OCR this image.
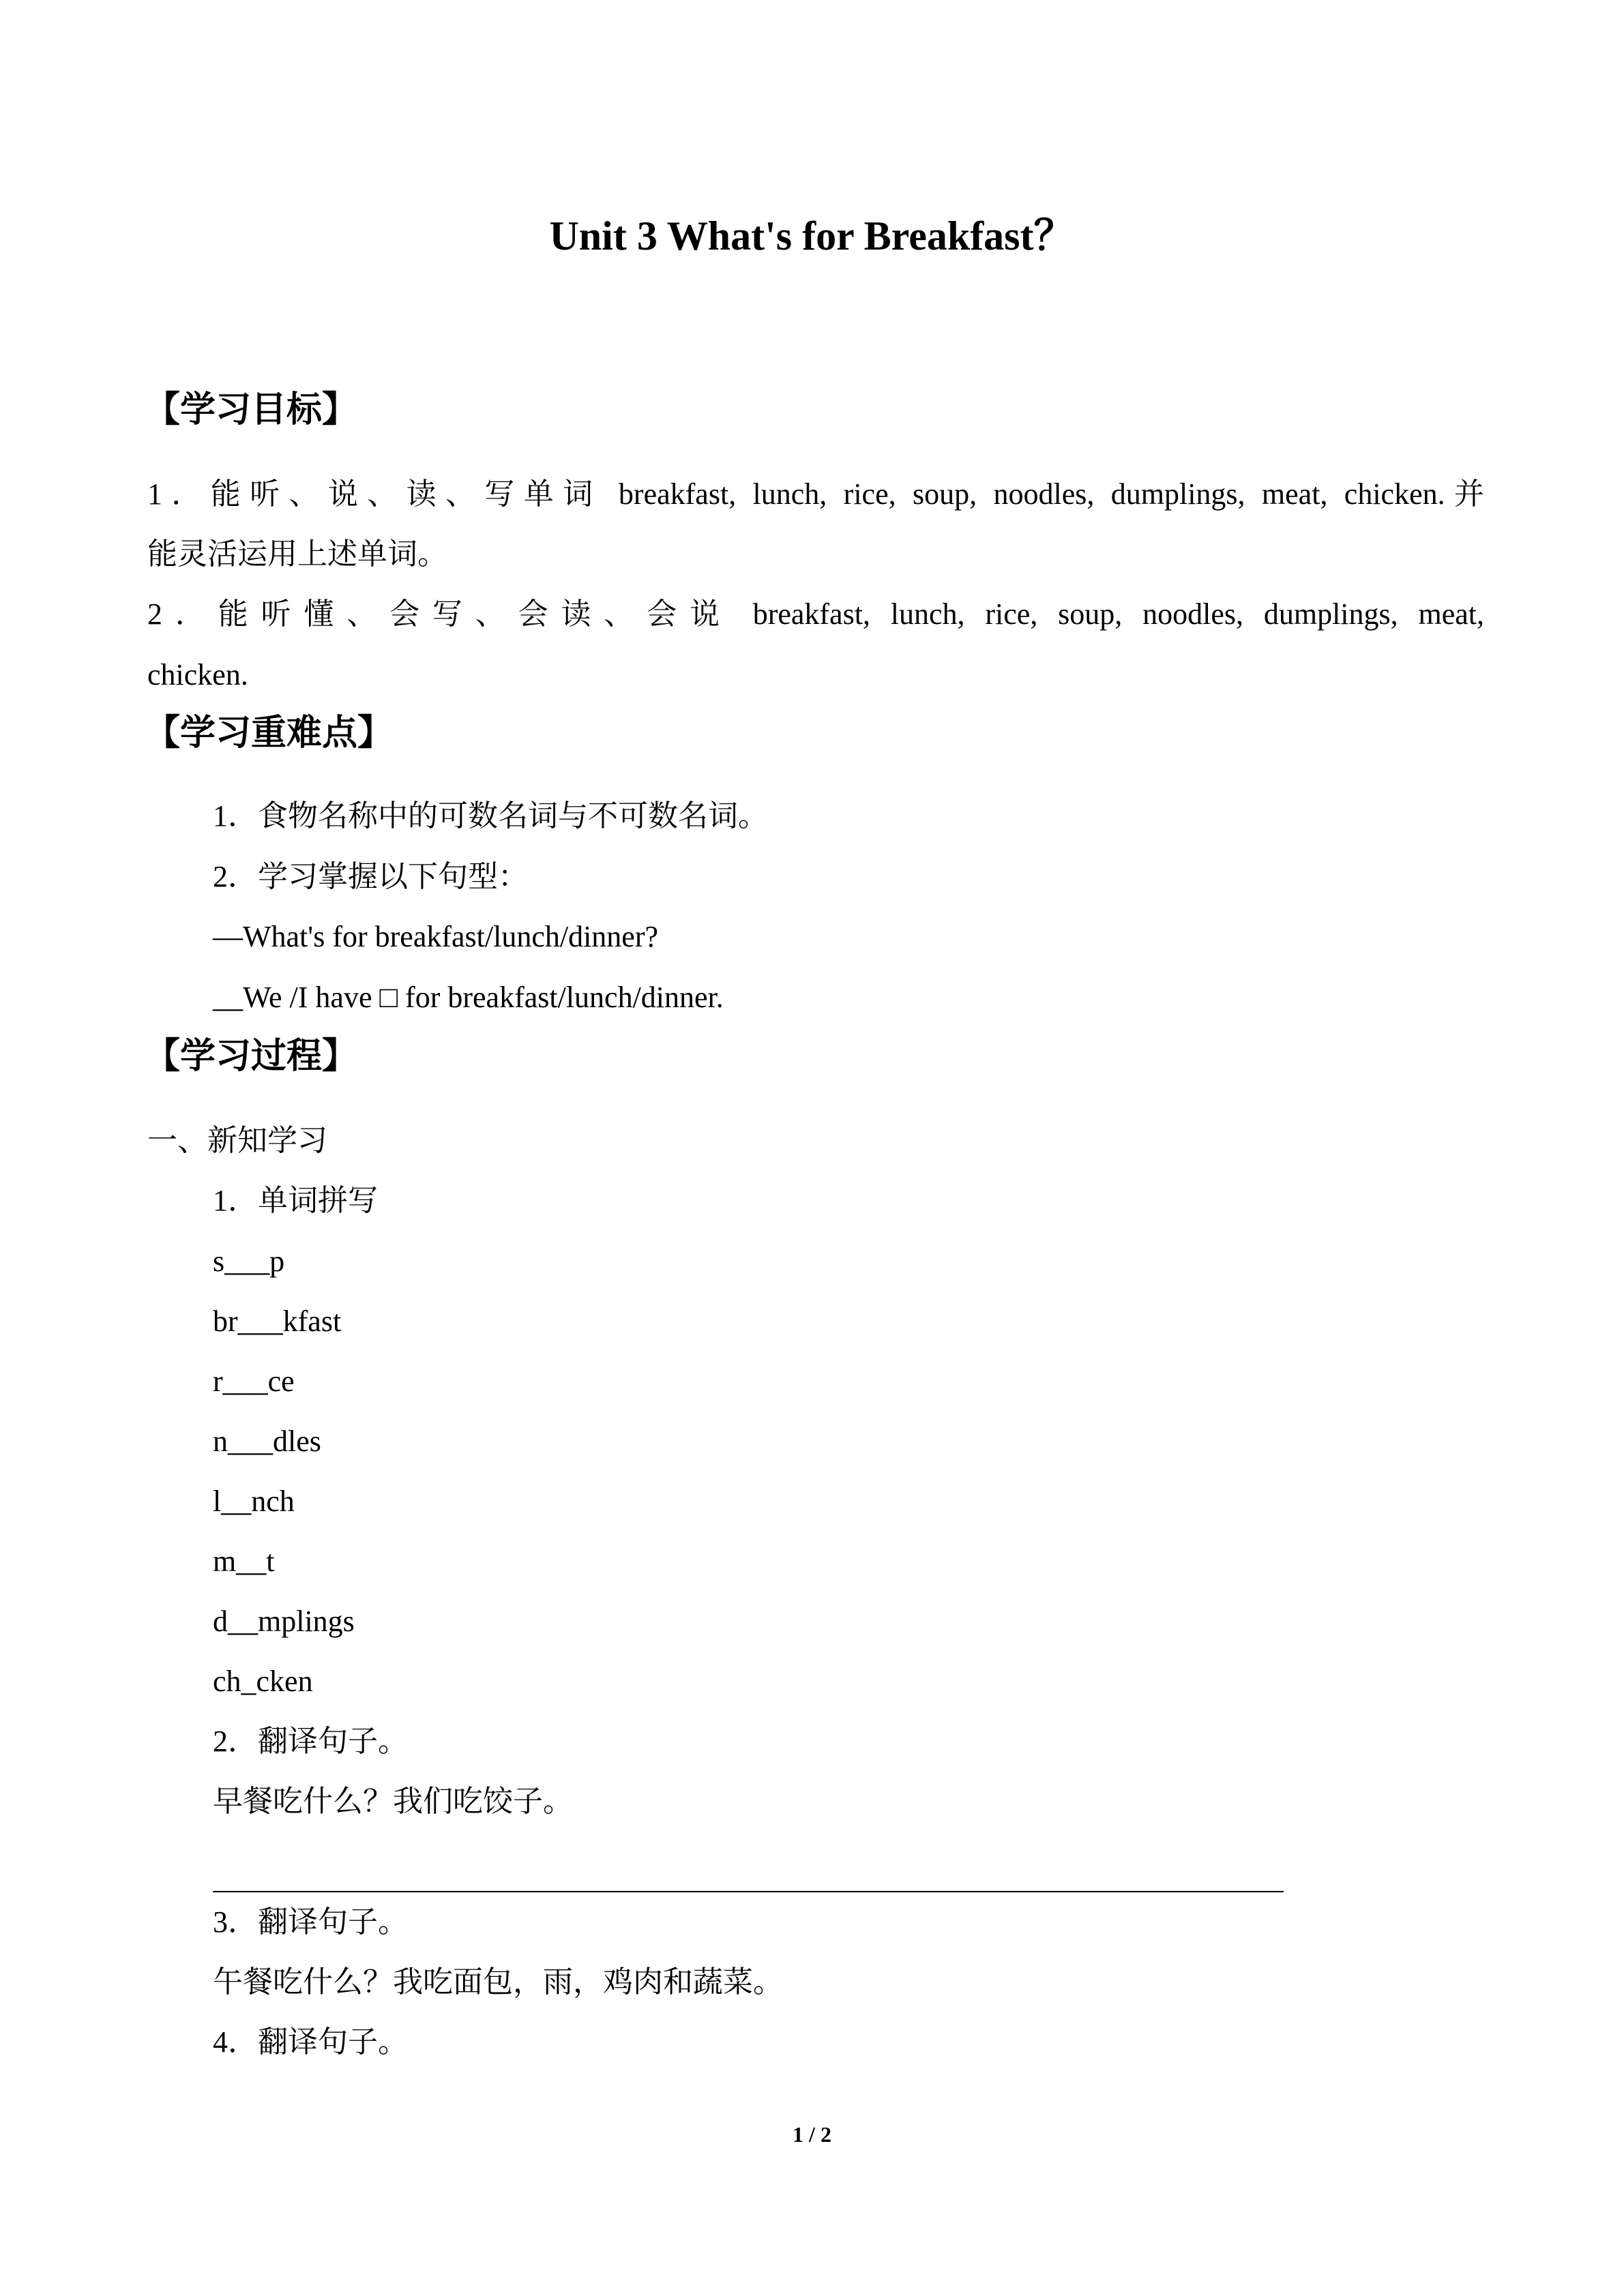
Unit 3 What's for Breakfast？
【学习目标】
1．能听、说、读、写单词 breakfast, lunch, rice, soup, noodles, dumplings, meat, chicken.并
能灵活运用上述单词。
2．能听懂、会写、会读、会说 breakfast, lunch, rice, soup, noodles, dumplings, meat,
chicken.
【学习重难点】
1．食物名称中的可数名词与不可数名词。
2．学习掌握以下句型：
—What's for breakfast/lunch/dinner?
__We /I have □ for breakfast/lunch/dinner.
【学习过程】
一、新知学习
1．单词拼写
s___p
br___kfast
r___ce
n___dles
l__nch
m__t
d__mplings
ch_cken
2．翻译句子。
早餐吃什么？我们吃饺子。
3．翻译句子。
午餐吃什么？我吃面包，雨，鸡肉和蔬菜。
4．翻译句子。
1 / 2
